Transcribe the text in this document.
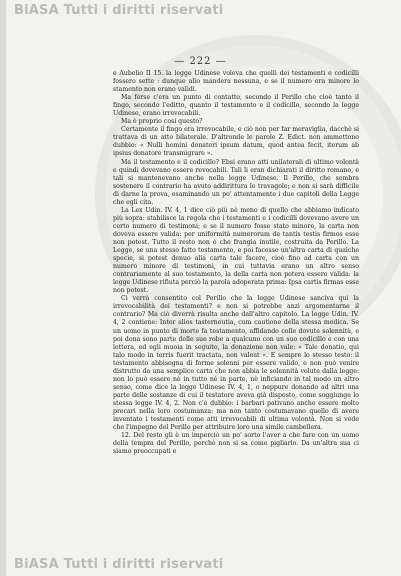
BiASA Tutti i diritti riservati
— 222 —

e Aubelio II 15. la legge Udinese voleva che quelli dei testamenti e codicilli fossero sette : dunque alio mandera nessuna, e se il numero era minore lo stamento non erano validi.

Ma forse c'era un punto di contatto, secondo il Perillo che cioè tanto il fingo, secondo l'editto, quanto il testamento e il codicillo, secondo la legge Udinese, erano irrevocabili.

Ma è proprio cosi questo?

Certamente il fingo era irrevocabile, e ciò non per far meraviglia, dacchè si trattava di un atto bilaterale. D'altronde le parole Z. Edict. non ammettono dubbio: « Nulli homini donatori ipsum datum, quod antea fecit, iterum ab ipsius donatore transmigrare ».

Ma il testamento e il codicillo? Ebsi erano atti unilaterali di ultimo volontà e quindi dovevano essere revocabili. Tali li eran dichiarati il diritto romano, e tali si mantenevano anche nella legge Udinese. Il Perillo, che sembra sostenere il contrario ha avuto addirittura le travagole; e non si sarà difficile di darne la prova, esaminando un po' attentamente i due capitoli della Legge che egli cita.

La Lex Udin. IV. 4, 1 dice ciò più nè meno di quello che abbiamo indicato più sopra: stabilisce la regola che i testamenti e i codicilli dovevano avere un certo numero di testimoni; e se il numero fosse stato minore, la carta non doveva essere valida: per uniformità numerorum de tantis testis firmos esse non potest. Tutto il resto non è che frangia inutile, costruita da Perillo. La Legge, se una stesso fatto testamento, e poi facesse un'altra carta di qualche specie, si potest denuo alia carta tale facere, cioè fino ad carta con un numero minore di testimoni, in cui tuttavia erano un altro senso contrariamente al suo testamento, la della carta non potera essere valida: la legge Udinese rifiuta perciò la parola adoperata prima: Ipsa cartis firmas esse non potest.

Ci verrà consentito col Perillo che la legge Udinese sanciva qui la irrevocabilità dei testamenti? e non si potrebbe anzi argomentarne il contrario? Ma ciò diverrà risulta anche dall'altro capitolo. La legge Udin. IV. 4, 2 contiene: Inter alios tasterneutia, cum cautione della stessa medica. Se un uomo in punto di morte fa testamento, affidando colle dovute solennità, e poi dona sono parte delle sue robe a qualcuno con un suo codicillo e con una lettera, ed egli muoia in seguito, la donazione non vale: « Tale donatio, qui talo modo in terris fuerit tractata, non valeat ». E sempre lo stesso testo: il testamento abbisogna di forme solenni per essere valido, e non può venire distrutto da una semplice carta che non abbia le solennità volute dalla legge: non lo può essere nè in tutto nè in parte, nè inficiando in tal modo un altro senso, come dice la legge Udinese IV. 4, 1, o neppure donando ad altri una parte delle sostanze di cui il testatore aveva già disposto, come soggiunge lo stessa legge IV. 4, 2. Non c'è dubbio: i barbari pativano anche essere molto precari nella loro costumanza: ma non tanto costumavano quello di avere inventato i testamenti come atti irrevocabili di ultima volontà. Non si vede che l'impegno del Perillo per attribuire loro una simile cambellera.

12. Del resto gli è un imperciò un po' sorto l'aver a che fare con un uomo della tempra del Perillo, perchè non si sa come pigliarlo. Da un'altra sua ci siamo preoccupati e

BiASA Tutti i diritti riservati
